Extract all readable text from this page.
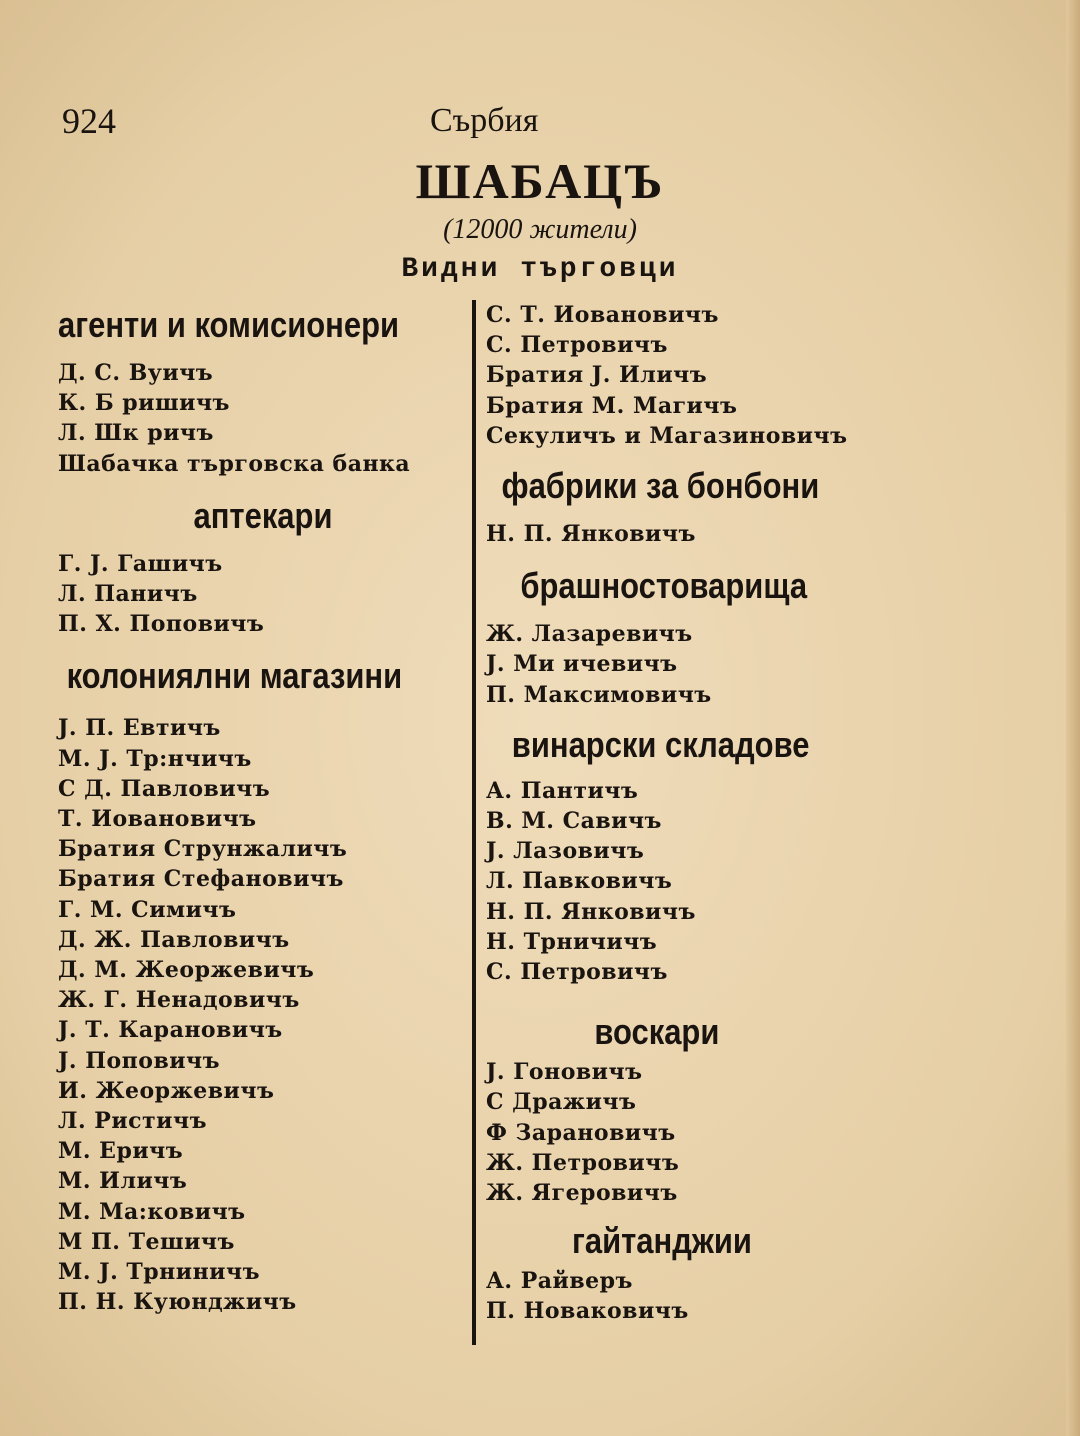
924	Сърбия
ШАБАЦЪ
(12000 жители)
Видни търговци
агенти и комисионери
Д. С. Вуичъ
К. Б ришичъ
Л. Шк ричъ
Шабачка търговска банка
аптекари
Г. Ј. Гашичъ
Л. Паничъ
П. Х. Поповичъ
колониялни магазини
Ј. П. Евтичъ
М. Ј. Тр:нчичъ
С Д. Павловичъ
Т. Иованoвичъ
Братия Струнжаличъ
Братия Стефановичъ
Г. М. Симичъ
Д. Ж. Павловичъ
Д. М. Жеоржевичъ
Ж. Г. Ненадовичъ
Ј. Т. Карановичъ
Ј. Поповичъ
И. Жеоржевичъ
Л. Ристичъ
М. Еричъ
М. Иличъ
М. Ма:ковичъ
М П. Тешичъ
М. Ј. Трниничъ
П. Н. Куюнджичъ
С. Т. Иовановичъ
С. Петровичъ
Братия Ј. Иличъ
Братия М. Магичъ
Секуличъ и Магазиновичъ
фабрики за бонбони
Н. П. Янковичъ
брашностоварища
Ж. Лазаревичъ
Ј. Ми ичевичъ
П. Максимовичъ
винарски складове
А. Пантичъ
В. М. Савичъ
Ј. Лазовичъ
Л. Павковичъ
Н. П. Янковичъ
Н. Трничичъ
С. Петровичъ
воскари
Ј. Гоновичъ
С Дражичъ
Ф Зарановичъ
Ж. Петровичъ
Ж. Ягеровичъ
гайтанджии
А. Райверъ
П. Новаковичъ
